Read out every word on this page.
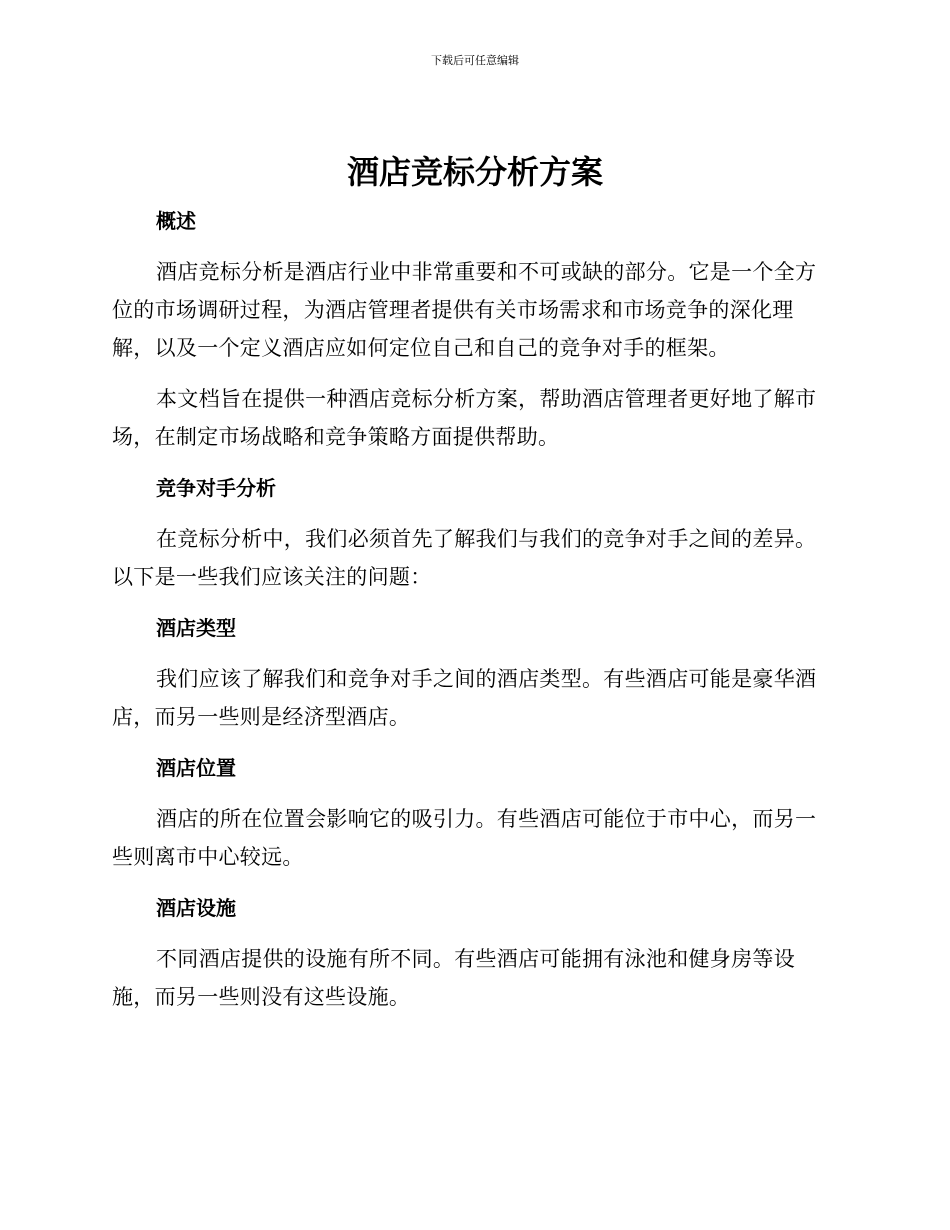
下载后可任意编辑
酒店竞标分析方案
概述

酒店竞标分析是酒店行业中非常重要和不可或缺的部分。它是一个全方位的市场调研过程，为酒店管理者提供有关市场需求和市场竞争的深化理解，以及一个定义酒店应如何定位自己和自己的竞争对手的框架。

本文档旨在提供一种酒店竞标分析方案，帮助酒店管理者更好地了解市场，在制定市场战略和竞争策略方面提供帮助。

竞争对手分析

在竞标分析中，我们必须首先了解我们与我们的竞争对手之间的差异。以下是一些我们应该关注的问题：

酒店类型

我们应该了解我们和竞争对手之间的酒店类型。有些酒店可能是豪华酒店，而另一些则是经济型酒店。

酒店位置

酒店的所在位置会影响它的吸引力。有些酒店可能位于市中心，而另一些则离市中心较远。

酒店设施

不同酒店提供的设施有所不同。有些酒店可能拥有泳池和健身房等设施，而另一些则没有这些设施。
